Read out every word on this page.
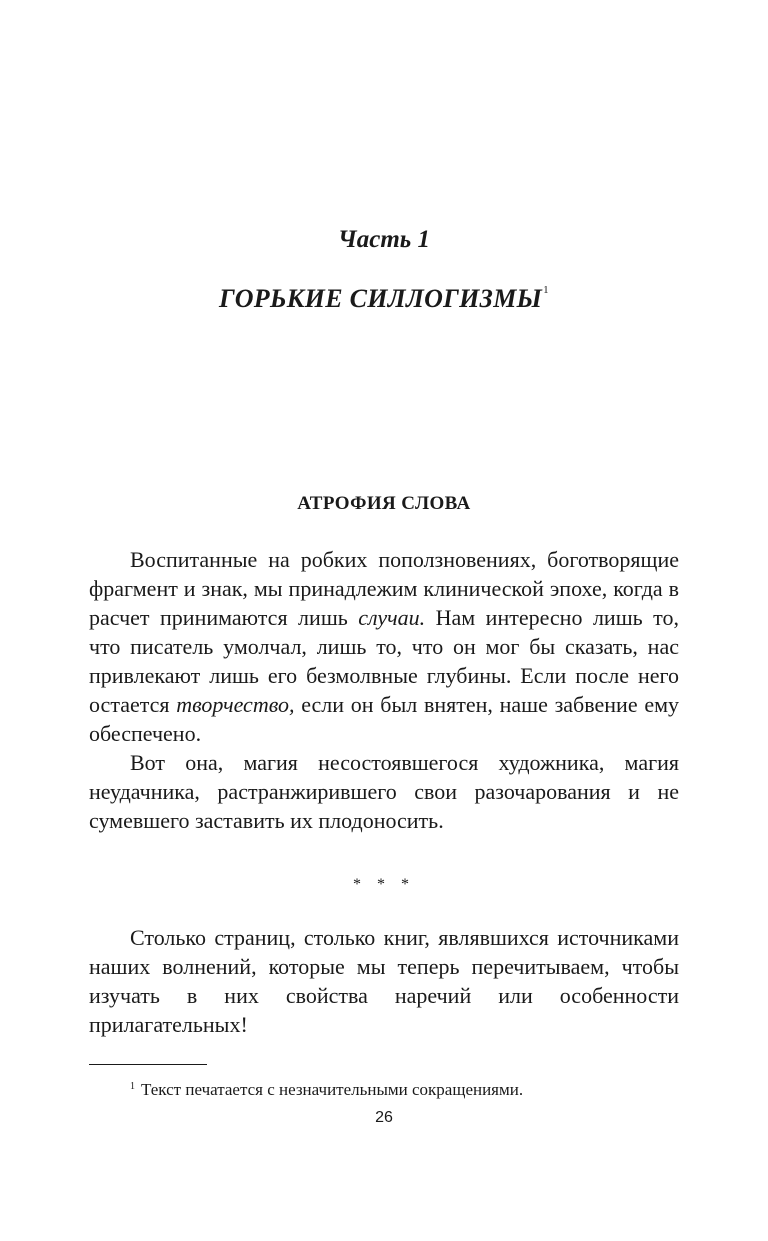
Часть 1
ГОРЬКИЕ СИЛЛОГИЗМЫ$^1$
АТРОФИЯ СЛОВА

Воспитанные на робких поползновениях, боготворящие фрагмент и знак, мы принадлежим клинической эпохе, когда в расчет принимаются лишь случаи. Нам интересно лишь то, что писатель умолчал, лишь то, что он мог бы сказать, нас привлекают лишь его безмолвные глубины. Если после него остается творчество, если он был внятен, наше забвение ему обеспечено.

Вот она, магия несостоявшегося художника, магия неудачника, растранжирившего свои разочарования и не сумевшего заставить их плодоносить.

* * *

Столько страниц, столько книг, являвшихся источниками наших волнений, которые мы теперь перечитываем, чтобы изучать в них свойства наречий или особенности прилагательных!

$^1$ Текст печатается с незначительными сокращениями.
26
